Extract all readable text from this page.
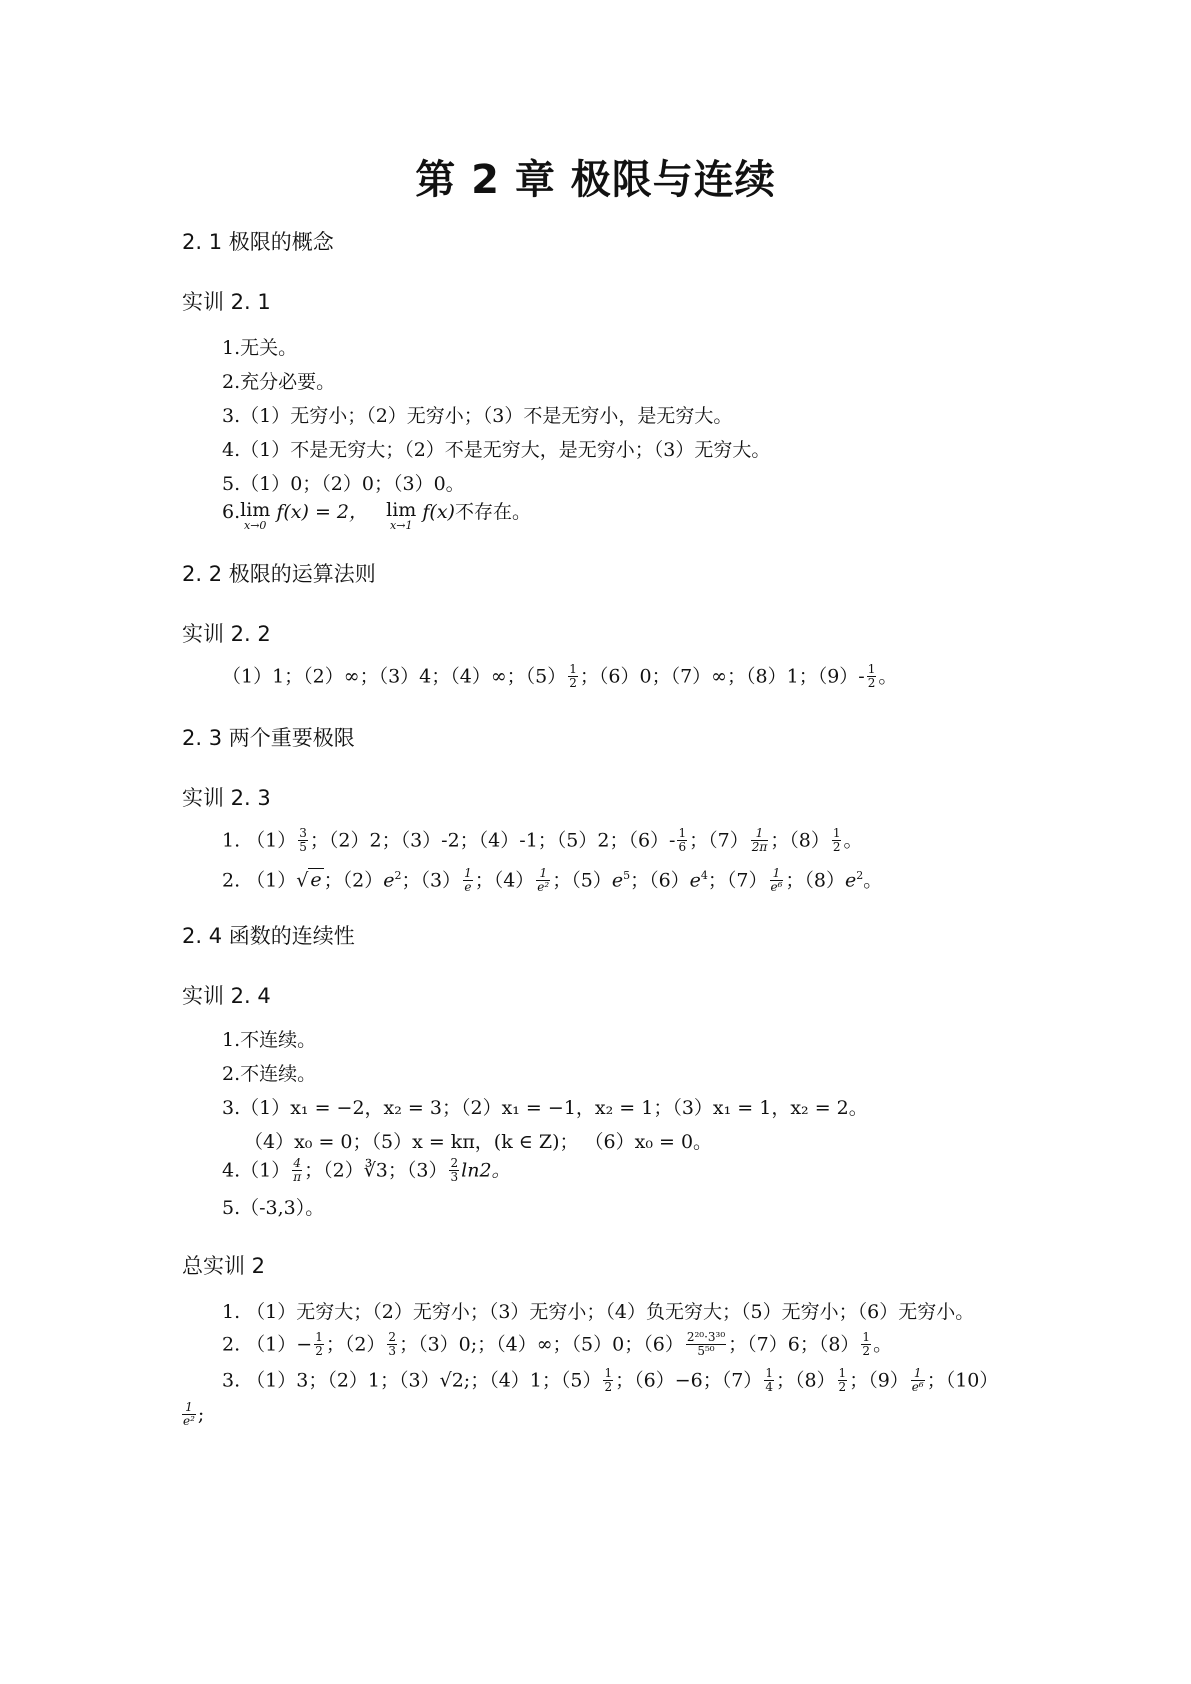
第 2 章 极限与连续
2. 1 极限的概念
实训 2. 1
1.无关。
2.充分必要。
3.（1）无穷小；（2）无穷小；（3）不是无穷小，是无穷大。
4.（1）不是无穷大；（2）不是无穷大，是无穷小；（3）无穷大。
5.（1）0；（2）0；（3）0。
6.lim
x→0
f(x) = 2， lim
x→1
f(x)不存在。
2. 2 极限的运算法则
实训 2. 2
（1）1；（2）∞；（3）4；（4）∞；$(5) \frac{1}{2}$ ；（6）0；（7）∞；（8）1；$(9)- \frac{1}{2}$ 。
2. 3 两个重要极限
实训 2. 3
1. $(1) \frac{3}{5}$ ；（2）2；（3）-2；（4）-1；（5）2；$(6)- \frac{1}{6}$ ；$(7) \frac{1}{2\pi}$ ；$(8) \frac{1}{2}$ 。
2. （1）√ e ；$(2)e^2$；$(3) \frac{1}{e}$ ；$(4) \frac{1}{\text{e²}}$ ；$(5)e^5$；$(6)e^4$；$(7) \frac{1}{\text{e⁶}}$ ；$(8)e^2$。
2. 4 函数的连续性
实训 2. 4
1.不连续。
2.不连续。
3.（1）x₁ = −2，x₂ = 3；（2）x₁ = −1，x₂ = 1；（3）x₁ = 1，x₂ = 2。
（4）x₀ = 0；（5）x = kπ，(k ∈ Z)； （6）x₀ = 0。
$4.(1) \frac{4}{\pi}$ ；（2）∛3；$(3) \frac{2}{3} \ln 2$。
5.（-3,3）。
总实训 2
1. （1）无穷大；（2）无穷小；（3）无穷小；（4）负无穷大；（5）无穷小；（6）无穷小。
2. $(1)- \frac{1}{2}$ ；$(2) \frac{2}{3}$ ；（3）0;；（4）∞；（5）0；$(6) \frac{\text{2²⁰·3³⁰}}{\text{5⁵⁰}}$ ；（7）6；$(8) \frac{1}{2}$ 。
3. （1）3；（2）1；（3）√2;；（4）1；$(5) \frac{1}{2}$ ；（6）−6；$(7) \frac{1}{4}$ ；$(8) \frac{1}{2}$ ；$(9) \frac{1}{\text{e⁶}}$ ；（10）
$\frac{1}{\text{e²}}$ ;
